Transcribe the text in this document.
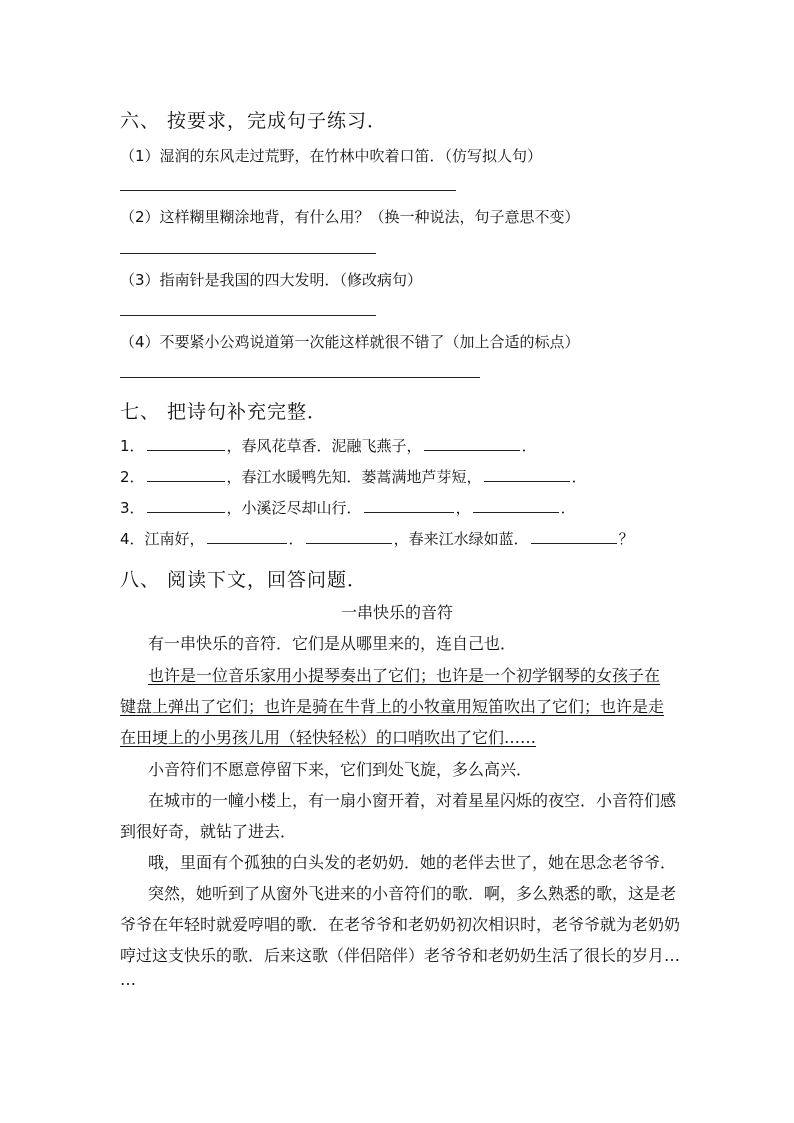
六、 按要求，完成句子练习．
（1）湿润的东风走过荒野，在竹林中吹着口笛．（仿写拟人句）
（2）这样糊里糊涂地背，有什么用？（换一种说法，句子意思不变）
（3）指南针是我国的四大发明．（修改病句）
（4）不要紧小公鸡说道第一次能这样就很不错了（加上合适的标点）
七、 把诗句补充完整．
1．	，春风花草香．泥融飞燕子，	．
2．	，春江水暖鸭先知．蒌蒿满地芦芽短，	．
3．	，小溪泛尽却山行．	，	．
4．江南好，	．	，春来江水绿如蓝．	？
八、 阅读下文，回答问题．
一串快乐的音符
有一串快乐的音符．它们是从哪里来的，连自己也．
也许是一位音乐家用小提琴奏出了它们；也许是一个初学钢琴的女孩子在
键盘上弹出了它们；也许是骑在牛背上的小牧童用短笛吹出了它们；也许是走
在田埂上的小男孩儿用（轻快轻松）的口哨吹出了它们……
小音符们不愿意停留下来，它们到处飞旋，多么高兴．
在城市的一幢小楼上，有一扇小窗开着，对着星星闪烁的夜空．小音符们感
到很好奇，就钻了进去．
哦，里面有个孤独的白头发的老奶奶．她的老伴去世了，她在思念老爷爷．
突然，她听到了从窗外飞进来的小音符们的歌．啊，多么熟悉的歌，这是老
爷爷在年轻时就爱哼唱的歌．在老爷爷和老奶奶初次相识时，老爷爷就为老奶奶
哼过这支快乐的歌．后来这歌（伴侣陪伴）老爷爷和老奶奶生活了很长的岁月…
…
